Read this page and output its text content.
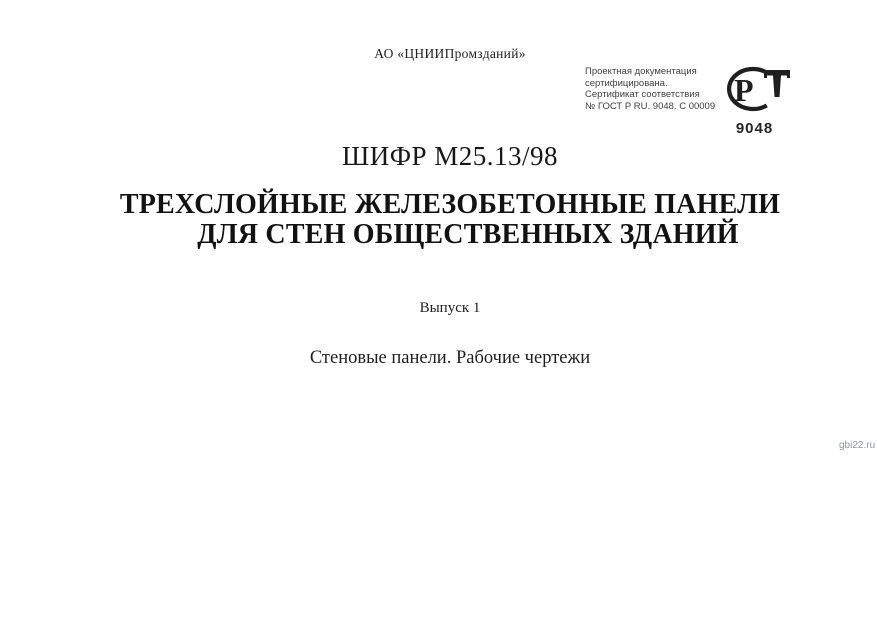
АО «ЦНИИПромзданий»
ШИФР М25.13/98
ТРЕХСЛОЙНЫЕ ЖЕЛЕЗОБЕТОННЫЕ ПАНЕЛИ
ДЛЯ СТЕН ОБЩЕСТВЕННЫХ ЗДАНИЙ
Выпуск 1
Стеновые панели. Рабочие чертежи
Проектная документация
сертифицирована.
Сертификат соответствия
№ ГОСТ Р RU. 9048. С 00009 P
9048
gbi22.ru
